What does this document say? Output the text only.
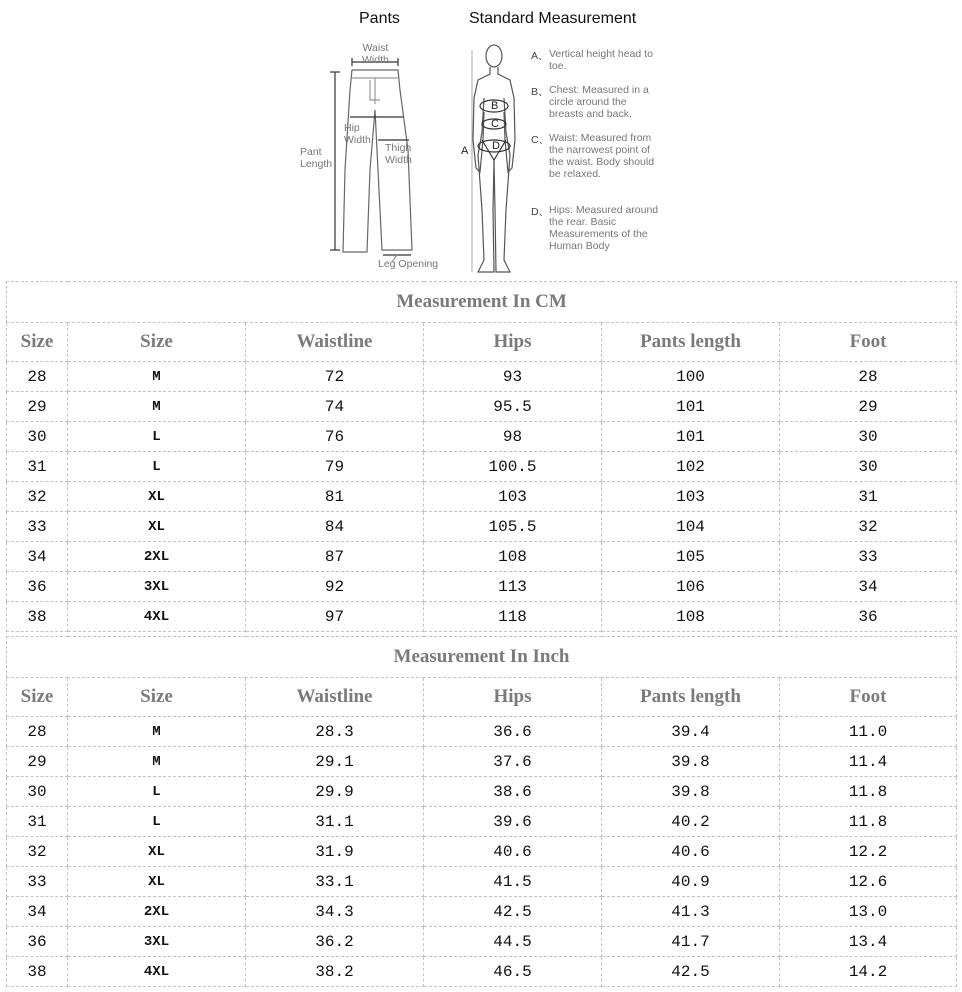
Pants	Standard Measurement
Waist
Width
Hip
Width
Thigh
Width
Pant
Length
Leg Opening
A
B
C
D
A、 Vertical height head to toe.
B、 Chest: Measured in a circle around the breasts and back.
C、 Waist: Measured from the narrowest point of the waist. Body should be relaxed.
D、 Hips: Measured around the rear. Basic Measurements of the Human Body
Measurement In CM					
Size	Size	Waistline	Hips	Pants length	Foot
28	M	72	93	100	28
29	M	74	95.5	101	29
30	L	76	98	101	30
31	L	79	100.5	102	30
32	XL	81	103	103	31
33	XL	84	105.5	104	32
34	2XL	87	108	105	33
36	3XL	92	113	106	34
38	4XL	97	118	108	36
Measurement In Inch					
Size	Size	Waistline	Hips	Pants length	Foot
28	M	28.3	36.6	39.4	11.0
29	M	29.1	37.6	39.8	11.4
30	L	29.9	38.6	39.8	11.8
31	L	31.1	39.6	40.2	11.8
32	XL	31.9	40.6	40.6	12.2
33	XL	33.1	41.5	40.9	12.6
34	2XL	34.3	42.5	41.3	13.0
36	3XL	36.2	44.5	41.7	13.4
38	4XL	38.2	46.5	42.5	14.2
